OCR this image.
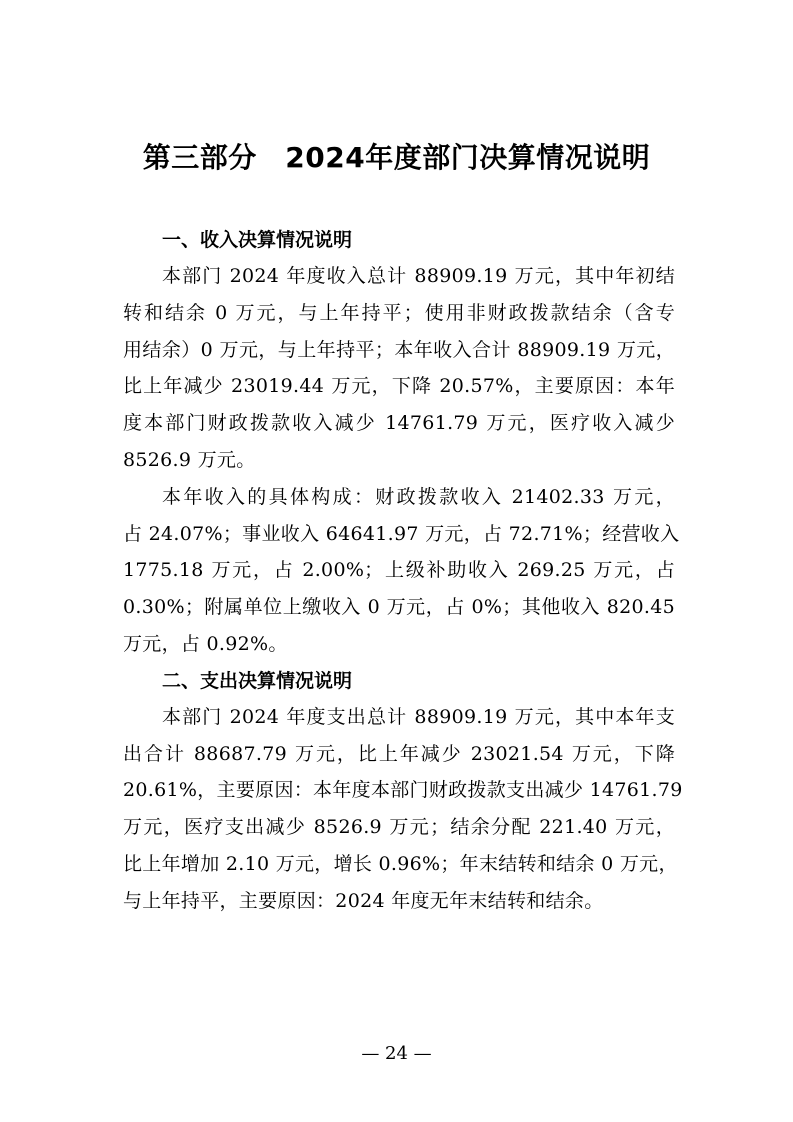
第三部分　2024年度部门决算情况说明
一、收入决算情况说明
本部门 2024 年度收入总计 88909.19 万元，其中年初结
转和结余 0 万元，与上年持平；使用非财政拨款结余（含专
用结余）0 万元，与上年持平；本年收入合计 88909.19 万元，
比上年减少 23019.44 万元，下降 20.57%，主要原因：本年
度本部门财政拨款收入减少 14761.79 万元，医疗收入减少
8526.9 万元。
本年收入的具体构成：财政拨款收入 21402.33 万元，
占 24.07%；事业收入 64641.97 万元，占 72.71%；经营收入
1775.18 万元，占 2.00%；上级补助收入 269.25 万元，占
0.30%；附属单位上缴收入 0 万元，占 0%；其他收入 820.45
万元，占 0.92%。
二、支出决算情况说明
本部门 2024 年度支出总计 88909.19 万元，其中本年支
出合计 88687.79 万元，比上年减少 23021.54 万元，下降
20.61%，主要原因：本年度本部门财政拨款支出减少 14761.79
万元，医疗支出减少 8526.9 万元；结余分配 221.40 万元，
比上年增加 2.10 万元，增长 0.96%；年末结转和结余 0 万元，
与上年持平，主要原因：2024 年度无年末结转和结余。
— 24 —
